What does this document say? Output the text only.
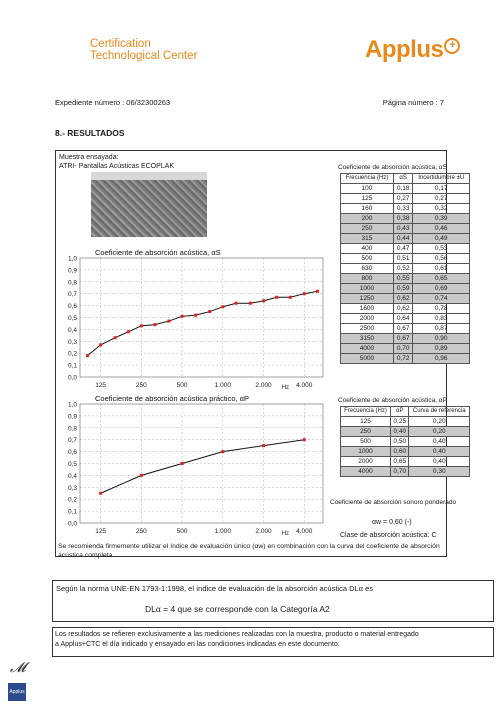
Certification
Technological Center	Applus +
Expediente número : 06/32300263	Página número : 7
8.- RESULTADOS
Muestra ensayada:
ATRI- Pantallas Acústicas ECOPLAK	Coeficiente de absorción acústica, αS
Frecuencia (Hz)	αS	Incertidumbre ±U
100	0,18	0,17
125	0,27	0,27
160	0,33	0,32
200	0,38	0,39
250	0,43	0,46
315	0,44	0,49
400	0,47	0,53
500	0,51	0,56
630	0,52	0,61
800	0,55	0,65
1000	0,59	0,69
1250	0,62	0,74
1600	0,62	0,78
2000	0,64	0,83
2500	0,67	0,87
3150	0,67	0,90
4000	0,70	0,89
5000	0,72	0,96
Coeficiente de absorción acústica, αP
Frecuencia (Hz)	αP	Curva de referencia
125	0,25	0,20
250	0,40	0,20
500	0,50	0,40
1000	0,60	0,40
2000	0,65	0,40
4000	0,70	0,30
Coeficiente de absorción sonoro ponderado
αw = 0,60 (-)
Clase de absorción acústica: C
Coeficiente de absorción acústica, αS
0,0
0,1
0,2
0,3
0,4
0,5
0,6
0,7
0,8
0,9
1,0
125	250	500	1.000	2.000	4.000
Hz
Coeficiente de absorción acústica práctico, αP
0,0
0,1
0,2
0,3
0,4
0,5
0,6
0,7
0,8
0,9
1,0
125	250	500	1.000	2.000	4.000
Hz
Se recomienda firmemente utilizar el índice de evaluación único (αw) en combinación con la curva del coeficiente de absorción acústica completa.
Según la norma UNE-EN 1793-1:1998, el índice de evaluación de la absorción acústica DLα es
DLα = 4 que se corresponde con la Categoría A2
Los resultados se refieren exclusivamente a las mediciones realizadas con la muestra, producto o material entregado
a Applus+CTC el día indicado y ensayado en las condiciones indicadas en este documento.
𝓜
Applus
